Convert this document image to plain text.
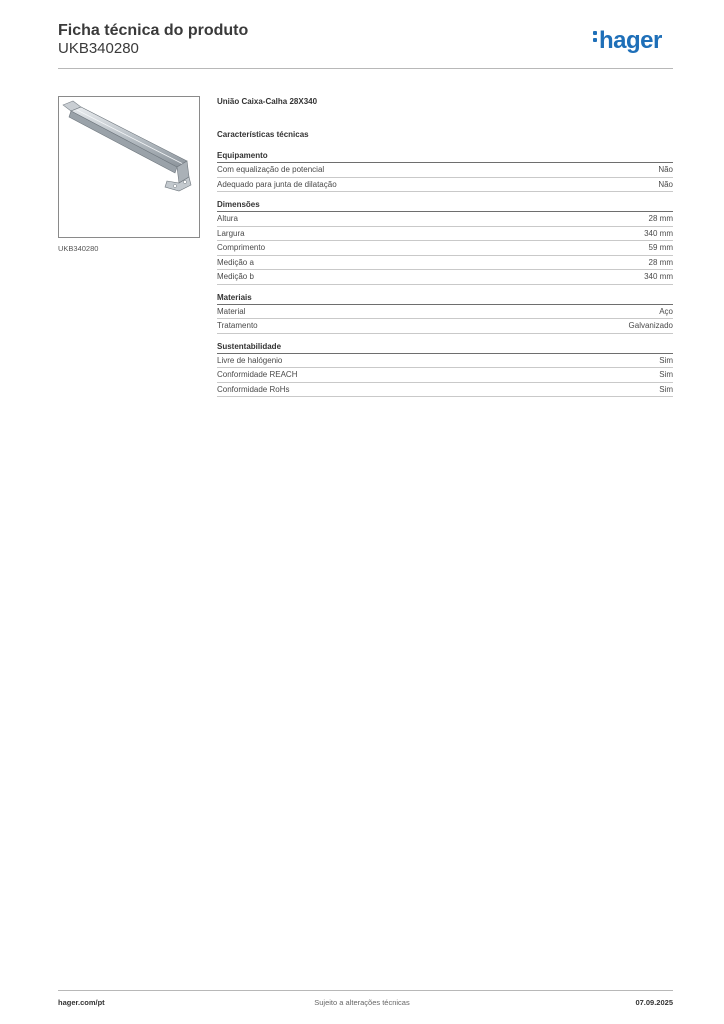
Ficha técnica do produto
UKB340280	hager
UKB340280
União Caixa-Calha 28X340
Características técnicas
Equipamento
Com equalização de potencial	Não
Adequado para junta de dilatação	Não
Dimensões
Altura	28 mm
Largura	340 mm
Comprimento	59 mm
Medição a	28 mm
Medição b	340 mm
Materiais
Material	Aço
Tratamento	Galvanizado
Sustentabilidade
Livre de halógenio	Sim
Conformidade REACH	Sim
Conformidade RoHs	Sim
hager.com/pt	Sujeito a alterações técnicas	07.09.2025
